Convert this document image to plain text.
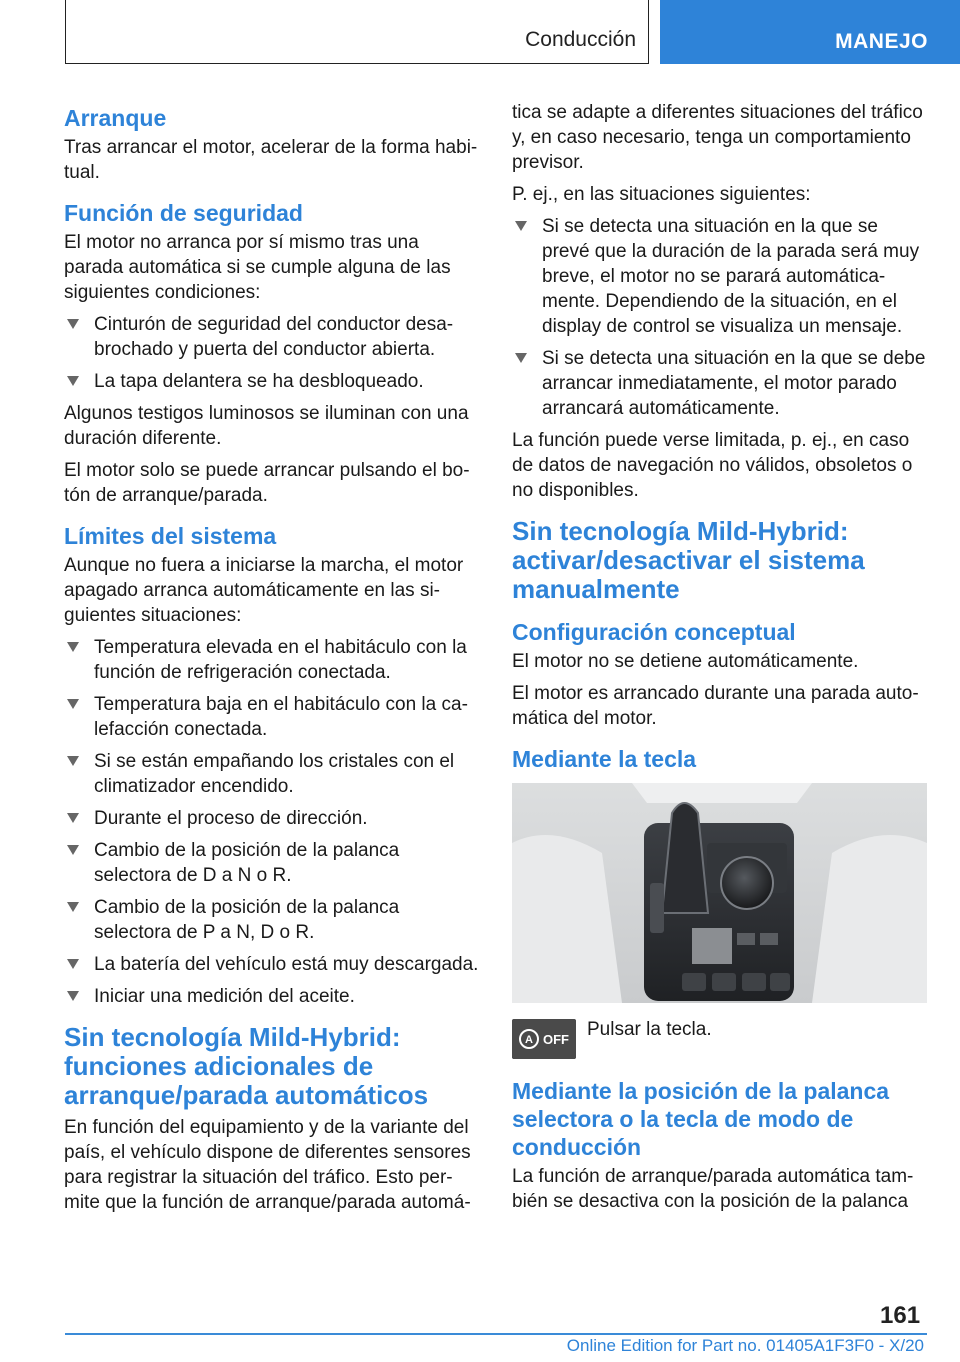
Conducción	MANEJO
Arranque

Tras arrancar el motor, acelerar de la forma habi‐ tual.

Función de seguridad

El motor no arranca por sí mismo tras una parada automática si se cumple alguna de las siguientes condiciones:

Cinturón de seguridad del conductor desa‐ brochado y puerta del conductor abierta.
La tapa delantera se ha desbloqueado.

Algunos testigos luminosos se iluminan con una duración diferente.

El motor solo se puede arrancar pulsando el bo‐ tón de arranque/parada.

Límites del sistema

Aunque no fuera a iniciarse la marcha, el motor apagado arranca automáticamente en las si‐ guientes situaciones:

Temperatura elevada en el habitáculo con la función de refrigeración conectada.
Temperatura baja en el habitáculo con la ca‐ lefacción conectada.
Si se están empañando los cristales con el climatizador encendido.
Durante el proceso de dirección.
Cambio de la posición de la palanca selectora de D a N o R.
Cambio de la posición de la palanca selectora de P a N, D o R.
La batería del vehículo está muy descargada.
Iniciar una medición del aceite.
Sin tecnología Mild-Hybrid: funciones adicionales de arranque/parada automáticos

En función del equipamiento y de la variante del país, el vehículo dispone de diferentes sensores para registrar la situación del tráfico. Esto per‐ mite que la función de arranque/parada automá‐

tica se adapte a diferentes situaciones del tráfico y, en caso necesario, tenga un comportamiento previsor.

P. ej., en las situaciones siguientes:

Si se detecta una situación en la que se prevé que la duración de la parada será muy breve, el motor no se parará automática‐ mente. Dependiendo de la situación, en el display de control se visualiza un mensaje.
Si se detecta una situación en la que se debe arrancar inmediatamente, el motor parado arrancará automáticamente.

La función puede verse limitada, p. ej., en caso de datos de navegación no válidos, obsoletos o no disponibles.

Sin tecnología Mild-Hybrid: activar/desactivar el sistema manualmente
Configuración conceptual

El motor no se detiene automáticamente.

El motor es arrancado durante una parada auto‐ mática del motor.

Mediante la tecla
A OFF Pulsar la tecla.
Mediante la posición de la palanca selectora o la tecla de modo de conducción

La función de arranque/parada automática tam‐ bién se desactiva con la posición de la palanca

161
Online Edition for Part no. 01405A1F3F0 - X/20
